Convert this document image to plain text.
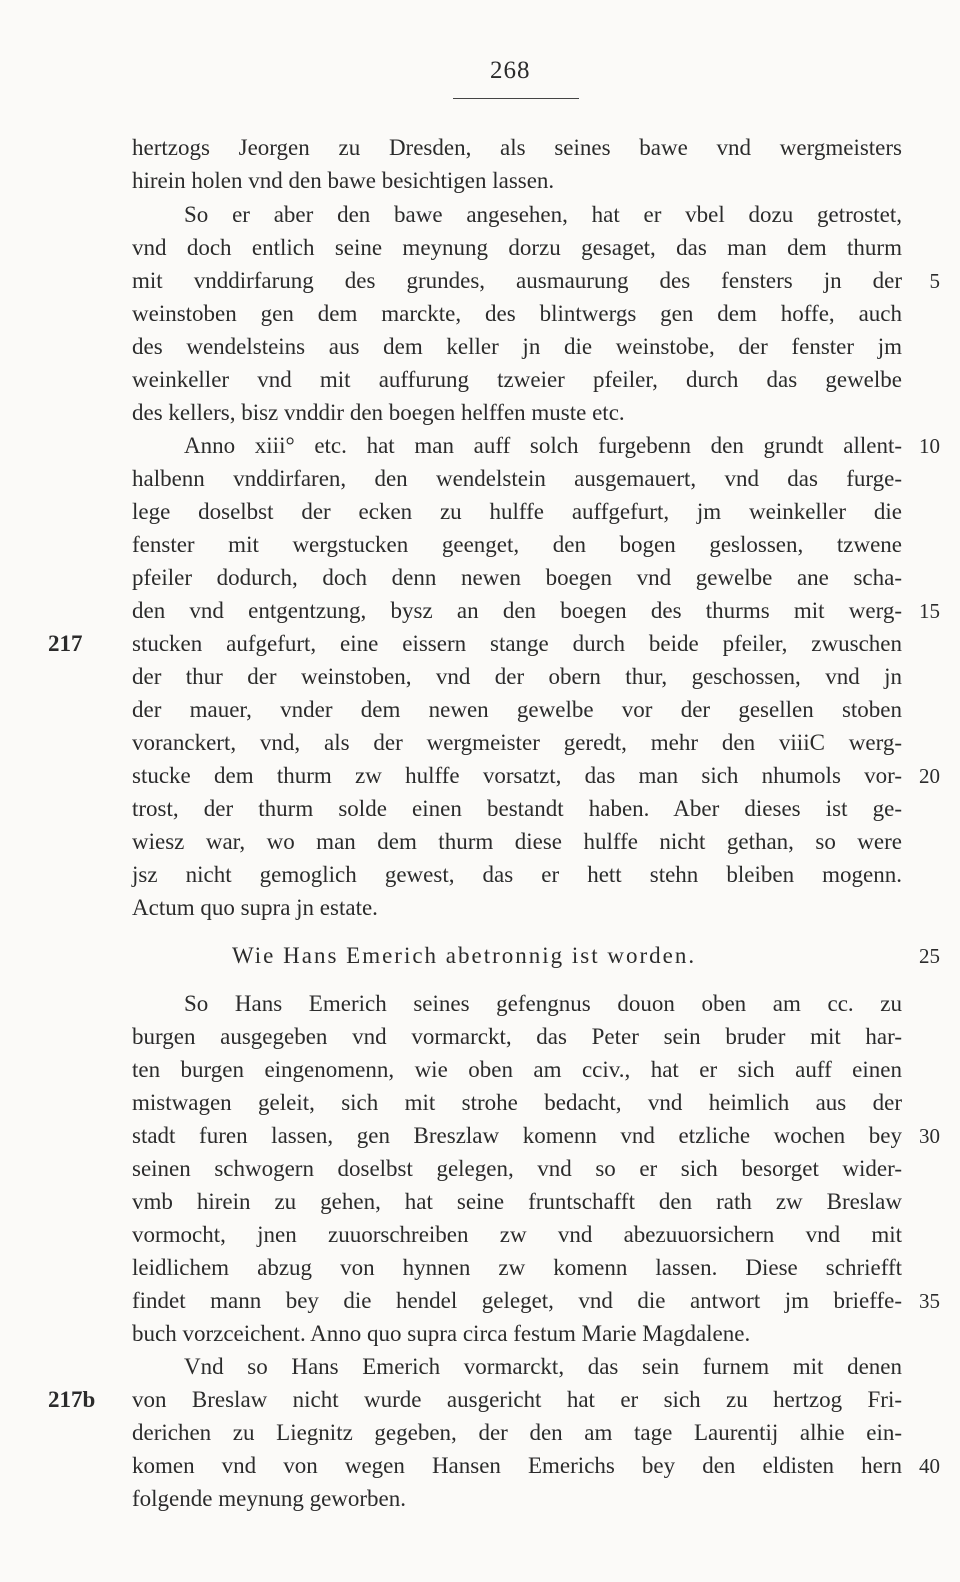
268
hertzogs Jeorgen zu Dresden, als seines bawe vnd wergmeisters
hirein holen vnd den bawe besichtigen lassen.
So er aber den bawe angesehen, hat er vbel dozu getrostet,
vnd doch entlich seine meynung dorzu gesaget, das man dem thurm
mit vnddirfarung des grundes, ausmaurung des fensters jn der
weinstoben gen dem marckte, des blintwergs gen dem hoffe, auch
des wendelsteins aus dem keller jn die weinstobe, der fenster jm
weinkeller vnd mit auffurung tzweier pfeiler, durch das gewelbe
des kellers, bisz vnddir den boegen helffen muste etc.
Anno xiii° etc. hat man auff solch furgebenn den grundt allent-
halbenn vnddirfaren, den wendelstein ausgemauert, vnd das furge-
lege doselbst der ecken zu hulffe auffgefurt, jm weinkeller die
fenster mit wergstucken geenget, den bogen geslossen, tzwene
pfeiler dodurch, doch denn newen boegen vnd gewelbe ane scha-
den vnd entgentzung, bysz an den boegen des thurms mit werg-
stucken aufgefurt, eine eissern stange durch beide pfeiler, zwuschen
der thur der weinstoben, vnd der obern thur, geschossen, vnd jn
der mauer, vnder dem newen gewelbe vor der gesellen stoben
voranckert, vnd, als der wergmeister geredt, mehr den viiiC werg-
stucke dem thurm zw hulffe vorsatzt, das man sich nhumols vor-
trost, der thurm solde einen bestandt haben. Aber dieses ist ge-
wiesz war, wo man dem thurm diese hulffe nicht gethan, so were
jsz nicht gemoglich gewest, das er hett stehn bleiben mogenn.
Actum quo supra jn estate.
Wie Hans Emerich abetronnig ist worden.
So Hans Emerich seines gefengnus douon oben am cc. zu
burgen ausgegeben vnd vormarckt, das Peter sein bruder mit har-
ten burgen eingenomenn, wie oben am cciv., hat er sich auff einen
mistwagen geleit, sich mit strohe bedacht, vnd heimlich aus der
stadt furen lassen, gen Breszlaw komenn vnd etzliche wochen bey
seinen schwogern doselbst gelegen, vnd so er sich besorget wider-
vmb hirein zu gehen, hat seine fruntschafft den rath zw Breslaw
vormocht, jnen zuuorschreiben zw vnd abezuuorsichern vnd mit
leidlichem abzug von hynnen zw komenn lassen. Diese schriefft
findet mann bey die hendel geleget, vnd die antwort jm brieffe-
buch vorzceichent. Anno quo supra circa festum Marie Magdalene.
Vnd so Hans Emerich vormarckt, das sein furnem mit denen
von Breslaw nicht wurde ausgericht hat er sich zu hertzog Fri-
derichen zu Liegnitz gegeben, der den am tage Laurentij alhie ein-
komen vnd von wegen Hansen Emerichs bey den eldisten hern
folgende meynung geworben.
5
10
15
20
25
30
35
40
217
217b
